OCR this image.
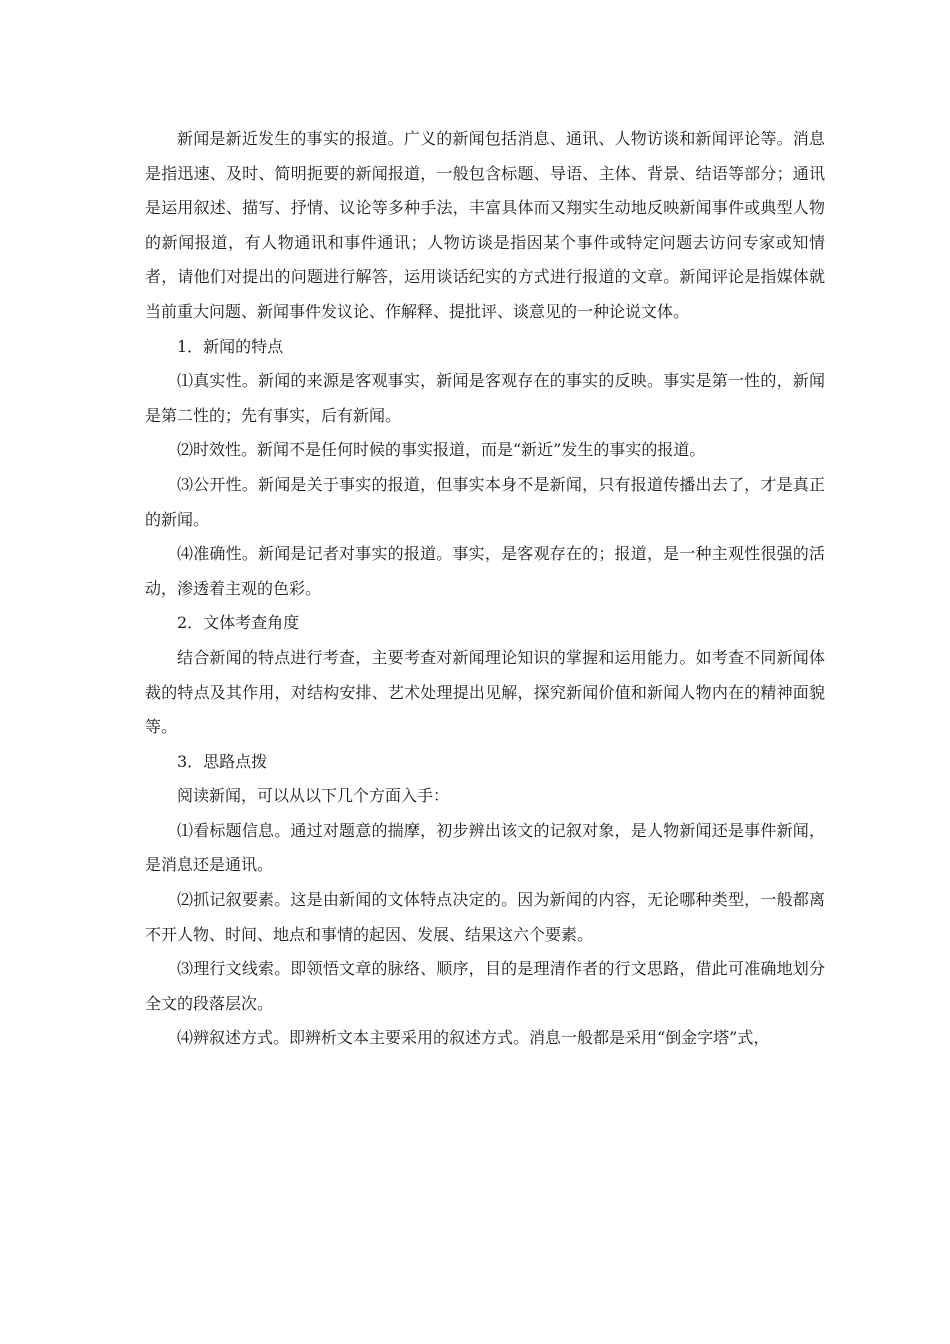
新闻是新近发生的事实的报道。广义的新闻包括消息、通讯、人物访谈和新闻评论等。消息是指迅速、及时、简明扼要的新闻报道，一般包含标题、导语、主体、背景、结语等部分；通讯是运用叙述、描写、抒情、议论等多种手法，丰富具体而又翔实生动地反映新闻事件或典型人物的新闻报道，有人物通讯和事件通讯；人物访谈是指因某个事件或特定问题去访问专家或知情者，请他们对提出的问题进行解答，运用谈话纪实的方式进行报道的文章。新闻评论是指媒体就当前重大问题、新闻事件发议论、作解释、提批评、谈意见的一种论说文体。

1．新闻的特点

⑴真实性。新闻的来源是客观事实，新闻是客观存在的事实的反映。事实是第一性的，新闻是第二性的；先有事实，后有新闻。

⑵时效性。新闻不是任何时候的事实报道，而是“新近”发生的事实的报道。

⑶公开性。新闻是关于事实的报道，但事实本身不是新闻，只有报道传播出去了，才是真正的新闻。

⑷准确性。新闻是记者对事实的报道。事实，是客观存在的；报道，是一种主观性很强的活动，渗透着主观的色彩。

2．文体考查角度

结合新闻的特点进行考查，主要考查对新闻理论知识的掌握和运用能力。如考查不同新闻体裁的特点及其作用，对结构安排、艺术处理提出见解，探究新闻价值和新闻人物内在的精神面貌等。

3．思路点拨

阅读新闻，可以从以下几个方面入手：

⑴看标题信息。通过对题意的揣摩，初步辨出该文的记叙对象，是人物新闻还是事件新闻，是消息还是通讯。

⑵抓记叙要素。这是由新闻的文体特点决定的。因为新闻的内容，无论哪种类型，一般都离不开人物、时间、地点和事情的起因、发展、结果这六个要素。

⑶理行文线索。即领悟文章的脉络、顺序，目的是理清作者的行文思路，借此可准确地划分全文的段落层次。

⑷辨叙述方式。即辨析文本主要采用的叙述方式。消息一般都是采用“倒金字塔”式，
